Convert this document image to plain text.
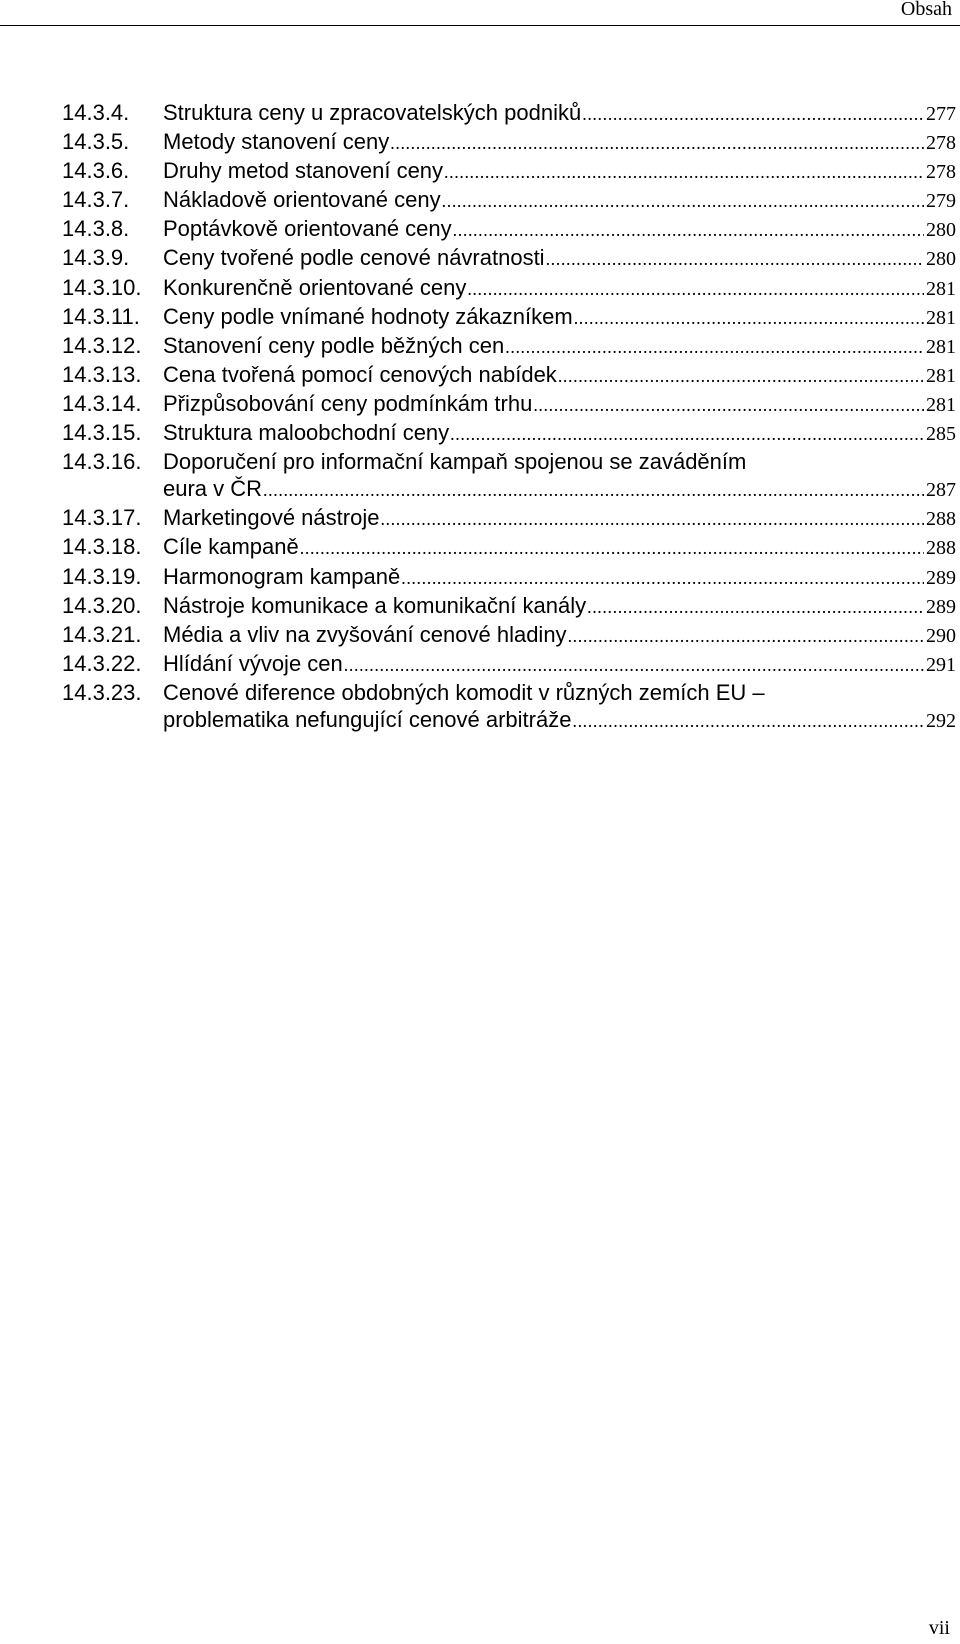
Obsah
14.3.4. Struktura ceny u zpracovatelských podniků .....	277
14.3.5. Metody stanovení ceny .....	278
14.3.6. Druhy metod stanovení ceny .....	278
14.3.7. Nákladově orientované ceny .....	279
14.3.8. Poptávkově orientované ceny .....	280
14.3.9. Ceny tvořené podle cenové návratnosti .....	280
14.3.10. Konkurenčně orientované ceny .....	281
14.3.11. Ceny podle vnímané hodnoty zákazníkem .....	281
14.3.12. Stanovení ceny podle běžných cen .....	281
14.3.13. Cena tvořená pomocí cenových nabídek .....	281
14.3.14. Přizpůsobování ceny podmínkám trhu .....	281
14.3.15. Struktura maloobchodní ceny .....	285
14.3.16. Doporučení pro informační kampaň spojenou se zaváděním
eura v ČR .....	287
14.3.17. Marketingové nástroje .....	288
14.3.18. Cíle kampaně .....	288
14.3.19. Harmonogram kampaně .....	289
14.3.20. Nástroje komunikace a komunikační kanály .....	289
14.3.21. Média a vliv na zvyšování cenové hladiny .....	290
14.3.22. Hlídání vývoje cen .....	291
14.3.23. Cenové diference obdobných komodit v různých zemích EU –
problematika nefungující cenové arbitráže .....	292
vii
